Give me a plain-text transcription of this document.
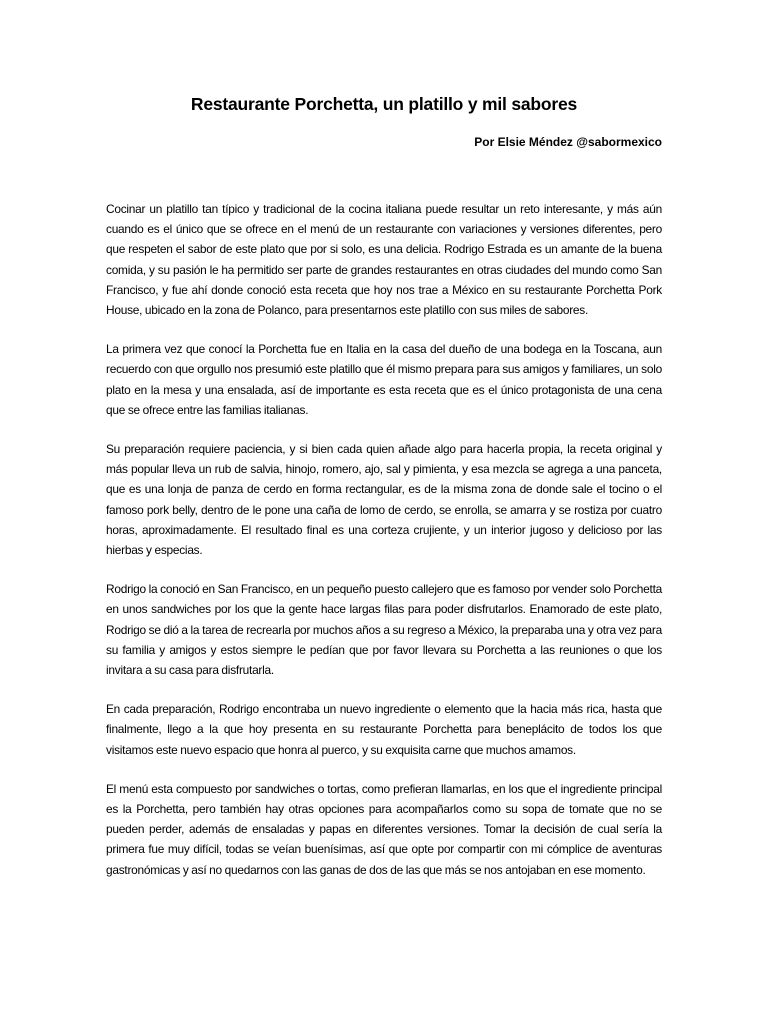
Restaurante Porchetta, un platillo y mil sabores
Por Elsie Méndez @sabormexico

Cocinar un platillo tan típico y tradicional de la cocina italiana puede resultar un reto interesante, y más aún cuando es el único que se ofrece en el menú de un restaurante con variaciones y versiones diferentes, pero que respeten el sabor de este plato que por si solo, es una delicia. Rodrigo Estrada es un amante de la buena comida, y su pasión le ha permitido ser parte de grandes restaurantes en otras ciudades del mundo como San Francisco, y fue ahí donde conoció esta receta que hoy nos trae a México en su restaurante Porchetta Pork House, ubicado en la zona de Polanco, para presentarnos este platillo con sus miles de sabores.

La primera vez que conocí la Porchetta fue en Italia en la casa del dueño de una bodega en la Toscana, aun recuerdo con que orgullo nos presumió este platillo que él mismo prepara para sus amigos y familiares, un solo plato en la mesa y una ensalada, así de importante es esta receta que es el único protagonista de una cena que se ofrece entre las familias italianas.

Su preparación requiere paciencia, y si bien cada quien añade algo para hacerla propia, la receta original y más popular lleva un rub de salvia, hinojo, romero, ajo, sal y pimienta, y esa mezcla se agrega a una panceta, que es una lonja de panza de cerdo en forma rectangular, es de la misma zona de donde sale el tocino o el famoso pork belly, dentro de le pone una caña de lomo de cerdo, se enrolla, se amarra y se rostiza por cuatro horas, aproximadamente. El resultado final es una corteza crujiente, y un interior jugoso y delicioso por las hierbas y especias.

Rodrigo la conoció en San Francisco, en un pequeño puesto callejero que es famoso por vender solo Porchetta en unos sandwiches por los que la gente hace largas filas para poder disfrutarlos. Enamorado de este plato, Rodrigo se dió a la tarea de recrearla por muchos años a su regreso a México, la preparaba una y otra vez para su familia y amigos y estos siempre le pedían que por favor llevara su Porchetta a las reuniones o que los invitara a su casa para disfrutarla.

En cada preparación, Rodrigo encontraba un nuevo ingrediente o elemento que la hacia más rica, hasta que finalmente, llego a la que hoy presenta en su restaurante Porchetta para beneplácito de todos los que visitamos este nuevo espacio que honra al puerco, y su exquisita carne que muchos amamos.

El menú esta compuesto por sandwiches o tortas, como prefieran llamarlas, en los que el ingrediente principal es la Porchetta, pero también hay otras opciones para acompañarlos como su sopa de tomate que no se pueden perder, además de ensaladas y papas en diferentes versiones. Tomar la decisión de cual sería la primera fue muy difícil, todas se veían buenísimas, así que opte por compartir con mi cómplice de aventuras gastronómicas y así no quedarnos con las ganas de dos de las que más se nos antojaban en ese momento.
